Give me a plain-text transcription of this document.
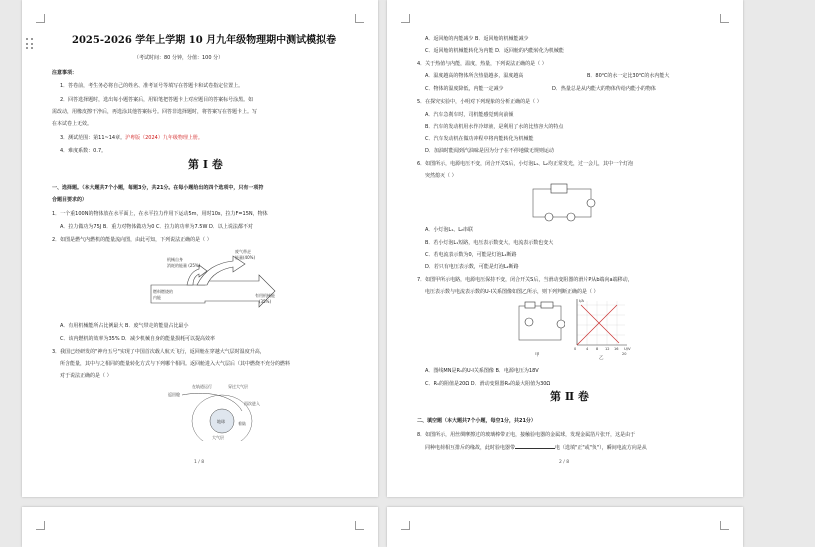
2025-2026 学年上学期 10 月九年级物理期中测试模拟卷
（考试时间：80 分钟，分值：100 分）
注意事项：
1．答卷前，考生务必将自己的姓名、准考证号等填写在答题卡和试卷指定位置上。
2．回答选择题时，选出每小题答案后，用铅笔把答题卡上对应题目的答案标号涂黑。如
需改动，用橡皮擦干净后，再选涂其他答案标号。回答非选择题时，将答案写在答题卡上。写
在本试卷上无效。
3．测试范围：第11~14章。沪粤版（2024）九年级物理上册。
4．难度系数：0.7。
第 Ⅰ 卷
一、选择题。（本大题共7个小题，每题3分，共21分。在每小题给出的四个选项中，只有一项符
合题目要求的）
1．一个重100N的物体放在水平面上，在水平拉力作用下运动5m，用时10s，拉力F=15N，物体
A．拉力做功为75J B．重力对物体做功为0 C．拉力的功率为7.5W D．以上说法都不对
2．如图是燃气内燃机的能量流向图，由此可知，下列说法正确的是（ ）
废气带走
能量(40%)
机械自身
消耗的能量 (25%)
燃料燃烧的
内能	有用机械能
(35%)
A．有用机械能所占比例最大 B．废气带走的能量占比最小
C．该内燃机的效率为35% D．减少机械自身的能量损耗可以提高效率
3．我国已经研发的"神舟五号"实现了中国首次载人航天飞行，返回舱在穿越大气层时温度升高，
所含能量，其中与之相同的能量转化方式与下列哪个相同。返回舱进入大气层后（其中燃烧不充分的燃料
对于说法正确的是（ ）
在轨道运行
返回舱
穿过大气层
再次进入
地球	着陆
大气层
1 / 8
A．返回舱的内能减少 B．返回舱的机械能减少
C．返回舱的机械能转化为内能 D．返回舱的内能转化为机械能
4．关于热值与内能，温度，热量，下列说法正确的是（ ）
A．温度越高的物体所含热量越多，温度越高	B．80℃的水一定比30℃的水内能大
C．物体的温度降低，内能一定减少	D．热量总是从内能大的物体传给内能小的物体
5．在探究实验中，小明对下列现象的分析正确的是（ ）
A．汽车急刹车时，司机能感觉到向前倾
B．汽车的发动机用水作冷却液，是利用了水的比热容大的特点
C．汽车发动机在做功冲程中将内能转化为机械能
D．加油时能闻到汽油味是因为分子在不停地做无规则运动
6．如图所示，电源电压不变，闭合开关S后，小灯泡L₁、L₂均正常发光，过一会儿，其中一个灯泡
突然熄灭（ ）
A．小灯泡L₁、L₂串联
B．若小灯泡L₁短路，电压表示数变大，电流表示数也变大
C．若电流表示数为0，可能是灯泡L₁断路
D．若只有电压表示数，可能是灯泡L₂断路
7．如图甲所示电路，电源电压保持不变，闭合开关S后，当滑动变阻器的滑片P从b端向a端移动，
电压表示数与电流表示数的U-I关系图像如图乙所示，则下列判断正确的是（ ）
甲
I/A
U/V
0	4 8 12 16
20
乙
A．图线MN是R₁的U-I关系图像 B．电源电压为18V
C．R₁的阻值是20Ω D．滑动变阻器R₂的最大阻值为30Ω
第 Ⅱ 卷
二、填空题（本大题共7个小题，每空1分，共21分）
8．如图所示，用丝绸摩擦过的玻璃棒带正电，接触验电器的金属球，发现金属箔片张开，这是由于
同种电荷相互排斥的缘故，此时验电器带	电（选填"正"或"负"），瞬间电流方向是从
2 / 8
